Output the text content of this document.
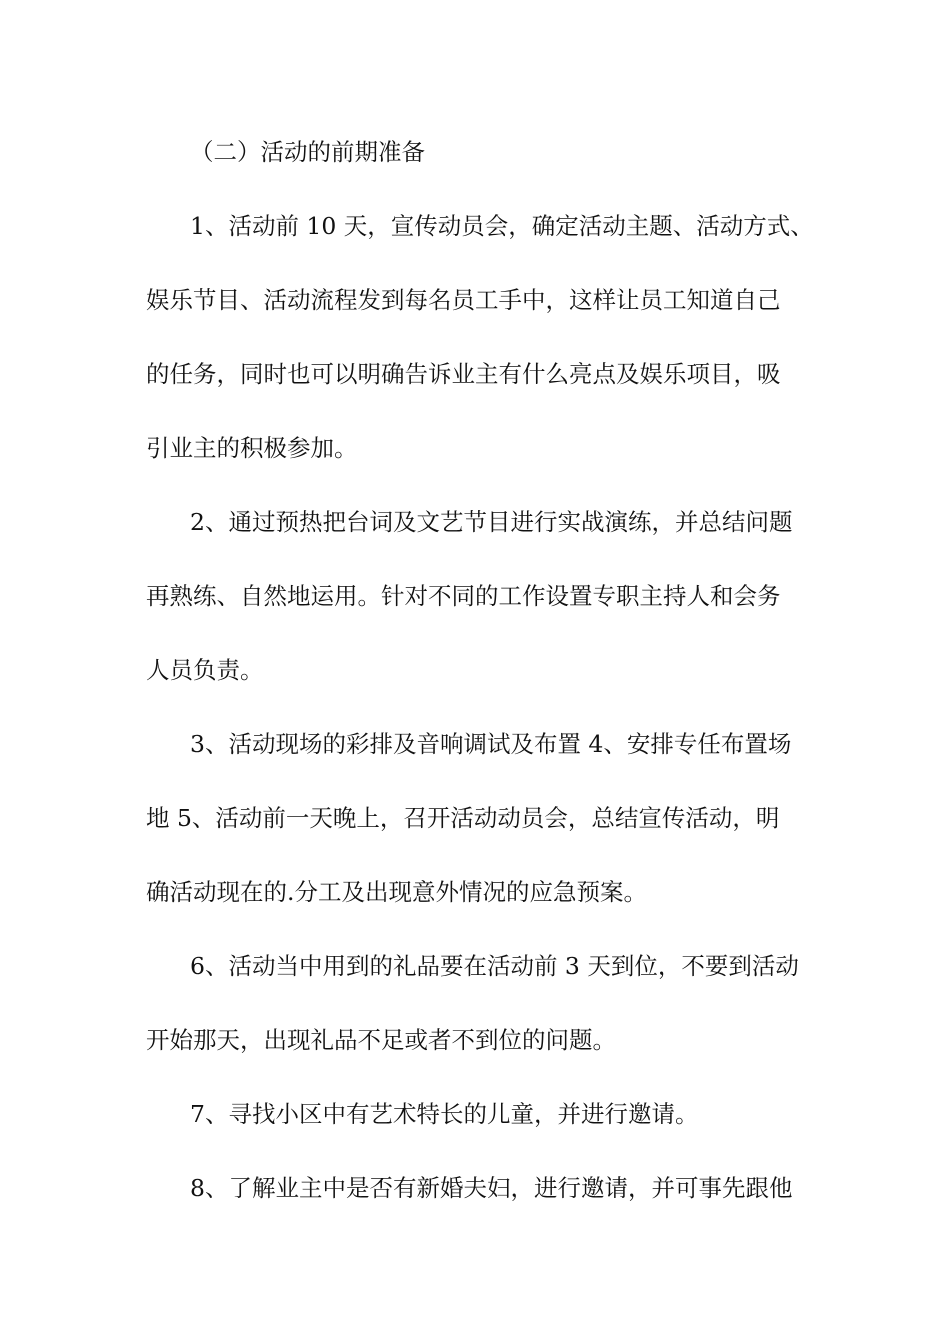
（二）活动的前期准备
1、活动前 10 天，宣传动员会，确定活动主题、活动方式、
娱乐节目、活动流程发到每名员工手中，这样让员工知道自己
的任务，同时也可以明确告诉业主有什么亮点及娱乐项目，吸
引业主的积极参加。
2、通过预热把台词及文艺节目进行实战演练，并总结问题
再熟练、自然地运用。针对不同的工作设置专职主持人和会务
人员负责。
3、活动现场的彩排及音响调试及布置 4、安排专任布置场
地 5、活动前一天晚上，召开活动动员会，总结宣传活动，明
确活动现在的.分工及出现意外情况的应急预案。
6、活动当中用到的礼品要在活动前 3 天到位，不要到活动
开始那天，出现礼品不足或者不到位的问题。
7、寻找小区中有艺术特长的儿童，并进行邀请。
8、了解业主中是否有新婚夫妇，进行邀请，并可事先跟他
